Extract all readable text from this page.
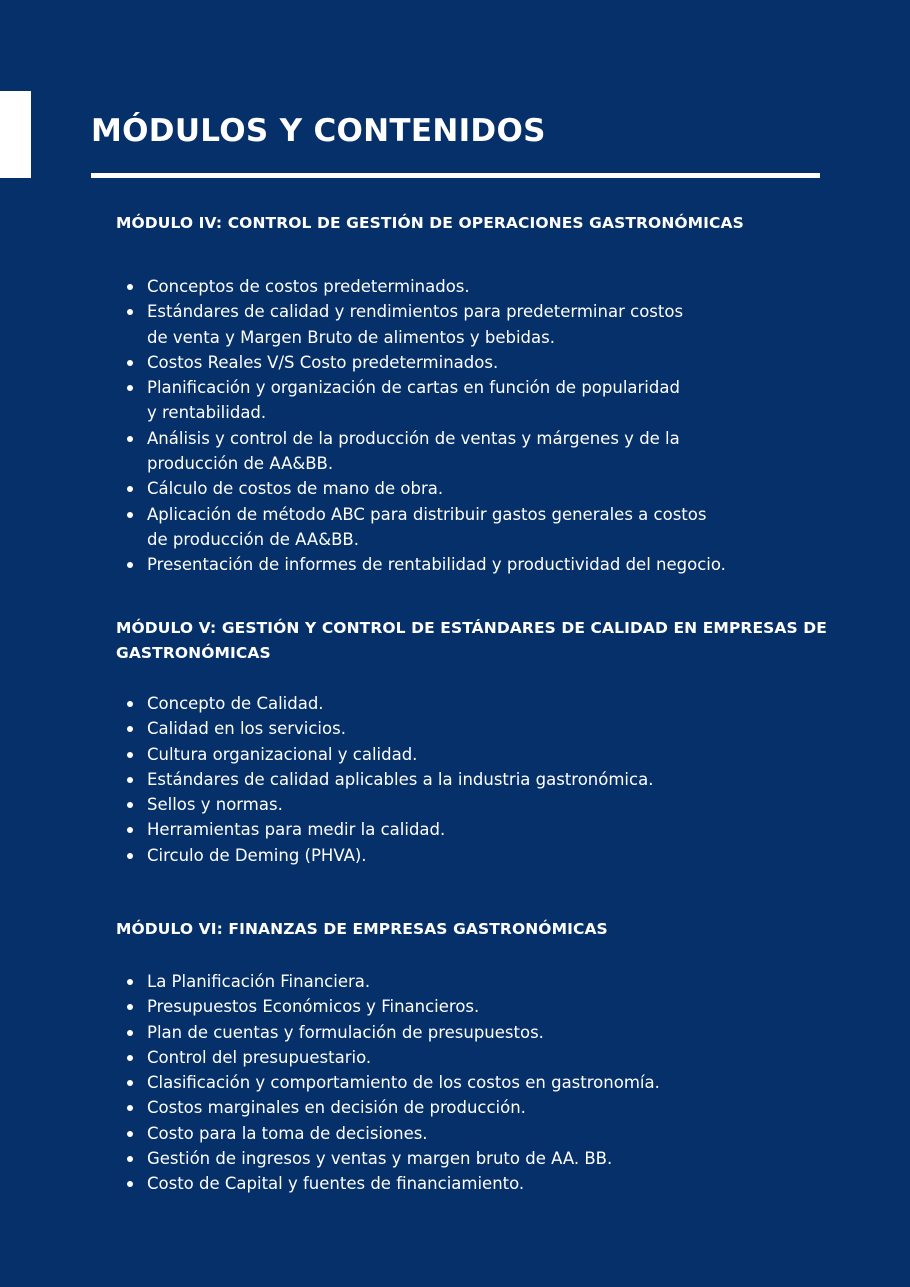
MÓDULOS Y CONTENIDOS
MÓDULO IV: CONTROL DE GESTIÓN DE OPERACIONES GASTRONÓMICAS
Conceptos de costos predeterminados.
Estándares de calidad y rendimientos para predeterminar costos
de venta y Margen Bruto de alimentos y bebidas.
Costos Reales V/S Costo predeterminados.
Planificación y organización de cartas en función de popularidad
y rentabilidad.
Análisis y control de la producción de ventas y márgenes y de la
producción de AA&BB.
Cálculo de costos de mano de obra.
Aplicación de método ABC para distribuir gastos generales a costos
de producción de AA&BB.
Presentación de informes de rentabilidad y productividad del negocio.
MÓDULO V: GESTIÓN Y CONTROL DE ESTÁNDARES DE CALIDAD EN EMPRESAS DE GASTRONÓMICAS
Concepto de Calidad.
Calidad en los servicios.
Cultura organizacional y calidad.
Estándares de calidad aplicables a la industria gastronómica.
Sellos y normas.
Herramientas para medir la calidad.
Circulo de Deming (PHVA).
MÓDULO VI: FINANZAS DE EMPRESAS GASTRONÓMICAS
La Planificación Financiera.
Presupuestos Económicos y Financieros.
Plan de cuentas y formulación de presupuestos.
Control del presupuestario.
Clasificación y comportamiento de los costos en gastronomía.
Costos marginales en decisión de producción.
Costo para la toma de decisiones.
Gestión de ingresos y ventas y margen bruto de AA. BB.
Costo de Capital y fuentes de financiamiento.
